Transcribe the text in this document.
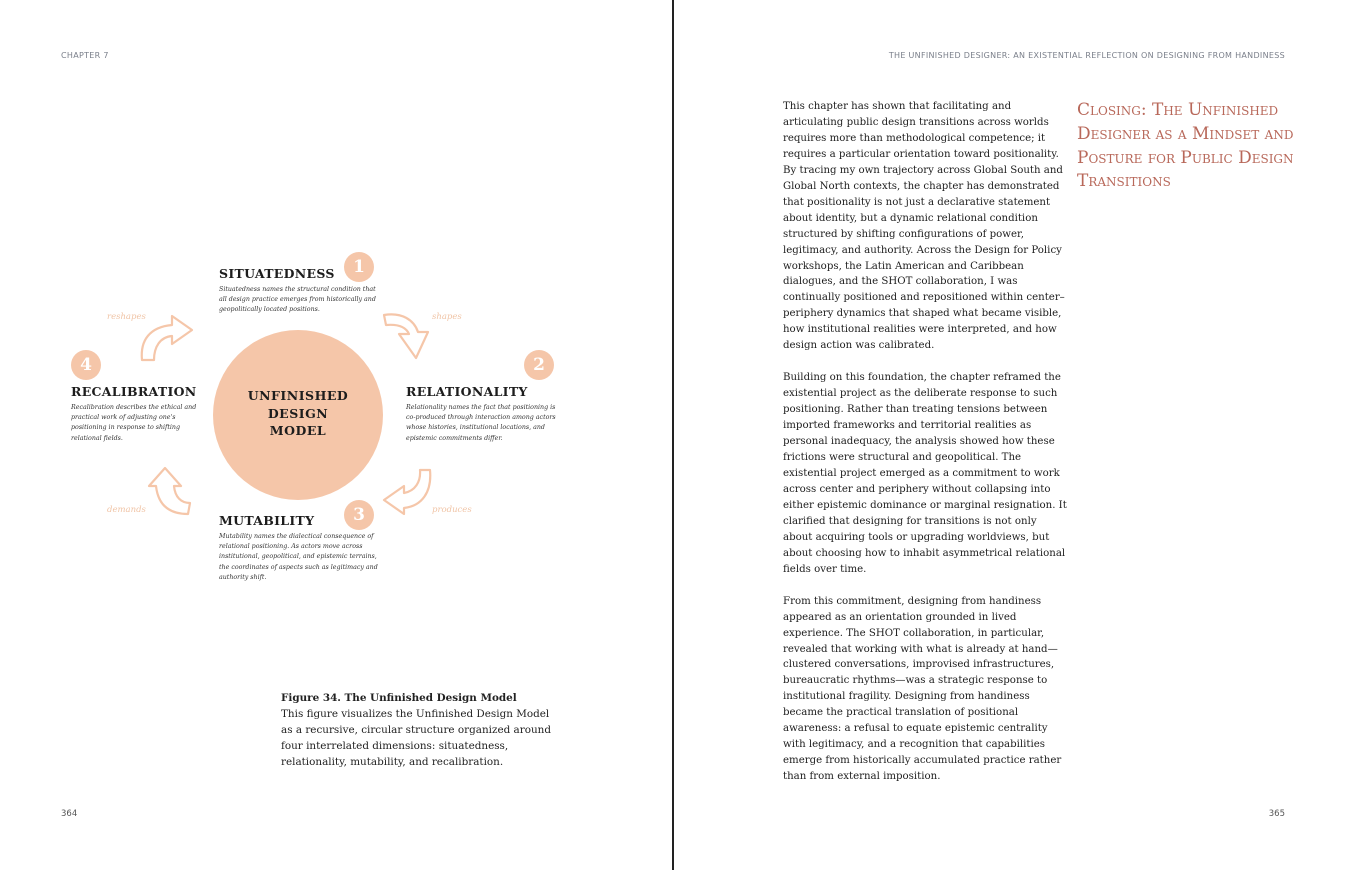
CHAPTER 7
UNFINISHED
DESIGN
MODEL
1
SITUATEDNESS
Situatedness names the structural condition that all design practice emerges from historically and geopolitically located positions.
2
RELATIONALITY
Relationality names the fact that positioning is co-produced through interaction among actors whose histories, institutional locations, and epistemic commitments differ.
3
MUTABILITY
Mutability names the dialectical consequence of relational positioning. As actors move across institutional, geopolitical, and epistemic terrains, the coordinates of aspects such as legitimacy and authority shift.
4
RECALIBRATION
Recalibration describes the ethical and practical work of adjusting one's positioning in response to shifting relational fields.
shapes
produces
demands
reshapes
Figure 34. The Unfinished Design Model
This figure visualizes the Unfinished Design Model as a recursive, circular structure organized around four interrelated dimensions: situatedness, relationality, mutability, and recalibration.
364
THE UNFINISHED DESIGNER: AN EXISTENTIAL REFLECTION ON DESIGNING FROM HANDINESS

This chapter has shown that facilitating and articulating public design transitions across worlds requires more than methodological competence; it requires a particular orientation toward positionality. By tracing my own trajectory across Global South and Global North contexts, the chapter has demonstrated that positionality is not just a declarative statement about identity, but a dynamic relational condition structured by shifting configurations of power, legitimacy, and authority. Across the Design for Policy workshops, the Latin American and Caribbean dialogues, and the SHOT collaboration, I was continually positioned and repositioned within center–periphery dynamics that shaped what became visible, how institutional realities were interpreted, and how design action was calibrated.

Building on this foundation, the chapter reframed the existential project as the deliberate response to such positioning. Rather than treating tensions between imported frameworks and territorial realities as personal inadequacy, the analysis showed how these frictions were structural and geopolitical. The existential project emerged as a commitment to work across center and periphery without collapsing into either epistemic dominance or marginal resignation. It clarified that designing for transitions is not only about acquiring tools or upgrading worldviews, but about choosing how to inhabit asymmetrical relational fields over time.

From this commitment, designing from handiness appeared as an orientation grounded in lived experience. The SHOT collaboration, in particular, revealed that working with what is already at hand—clustered conversations, improvised infrastructures, bureaucratic rhythms—was a strategic response to institutional fragility. Designing from handiness became the practical translation of positional awareness: a refusal to equate epistemic centrality with legitimacy, and a recognition that capabilities emerge from historically accumulated practice rather than from external imposition.

Closing: The Unfinished Designer as a Mindset and Posture for Public Design Transitions
365
